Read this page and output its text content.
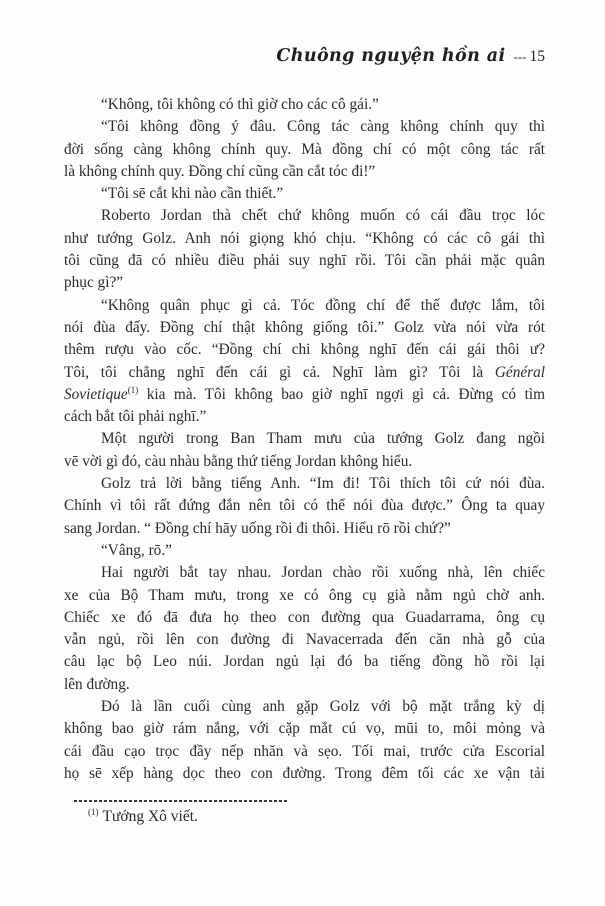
Chuông nguyện hồn ai --- 15
“Không, tôi không có thì giờ cho các cô gái.”
“Tôi không đồng ý đâu. Công tác càng không chính quy thì
đời sống càng không chính quy. Mà đồng chí có một công tác rất
là không chính quy. Đồng chí cũng cần cắt tóc đi!”
“Tôi sē cắt khi nào cần thiết.”
Roberto Jordan thà chết chứ không muốn có cái đầu trọc lóc
như tướng Golz. Anh nói giọng khó chịu. “Không có các cô gái thì
tôi cũng đā có nhiều điều phải suy nghī rồi. Tôi cần phải mặc quân
phục gì?”
“Không quân phục gì cả. Tóc đồng chí để thế được lắm, tôi
nói đùa đấy. Đồng chí thật không giống tôi.” Golz vừa nói vừa rót
thêm rượu vào cốc. “Đồng chí chi không nghī đến cái gái thôi ư?
Tôi, tôi chẳng nghī đến cái gì cả. Nghī làm gì? Tôi là Général
Sovietique$^{(1)}$ kia mà. Tôi không bao giờ nghī ngợi gì cả. Đừng có tìm
cách bắt tôi phải nghī.”
Một người trong Ban Tham mưu của tướng Golz đang ngồi
vē vời gì đó, càu nhàu bằng thứ tiếng Jordan không hiểu.
Golz trả lời bằng tiếng Anh. “Im đi! Tôi thích tôi cứ nói đùa.
Chính vì tôi rất đứng đắn nên tôi có thể nói đùa được.” Ông ta quay
sang Jordan. “ Đồng chí hāy uống rồi đi thôi. Hiểu rō rồi chứ?”
“Vâng, rō.”
Hai người bắt tay nhau. Jordan chào rồi xuống nhà, lên chiếc
xe của Bộ Tham mưu, trong xe có ông cụ già nằm ngủ chờ anh.
Chiếc xe đó đā đưa họ theo con đường qua Guadarrama, ông cụ
vẫn ngủ, rồi lên con đường đi Navacerrada đến căn nhà gỗ của
câu lạc bộ Leo núi. Jordan ngủ lại đó ba tiếng đồng hồ rồi lại
lên đường.
Đó là lần cuối cùng anh gặp Golz với bộ mặt trắng kỳ dị
không bao giờ rám nắng, với cặp mắt cú vọ, mūi to, môi mỏng và
cái đầu cạo trọc đầy nếp nhăn và sẹo. Tối mai, trước cửa Escorial
họ sē xếp hàng dọc theo con đường. Trong đêm tối các xe vận tải
$^{(1)}$ Tướng Xô viết.
